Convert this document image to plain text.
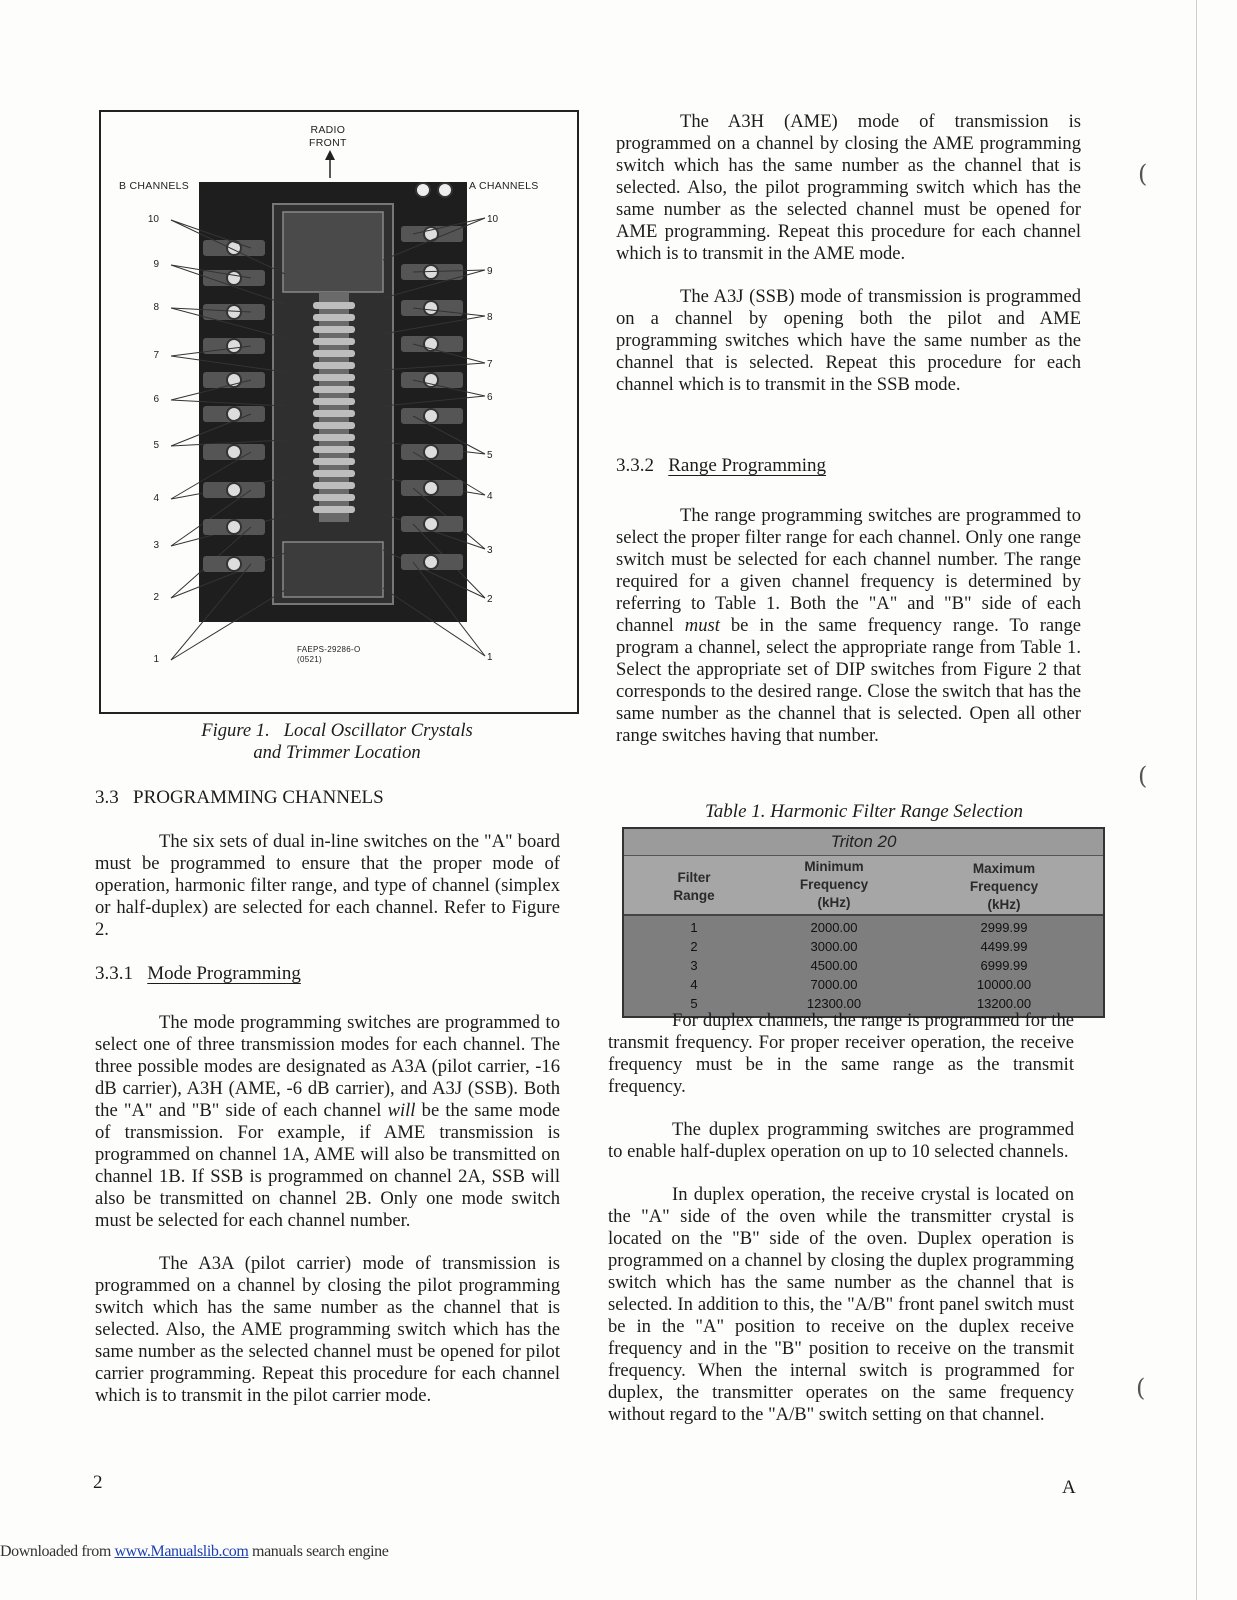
10	10
9
9
8
8
7
7
6	6
5
5
4	4
3	3
2	2
1	1
RADIO
FRONT
B CHANNELS	A CHANNELS
FAEPS-29286-O
(0521)
Figure 1.   Local Oscillator Crystals
and Trimmer Location
3.3   PROGRAMMING CHANNELS

The six sets of dual in-line switches on the "A" board must be programmed to ensure that the proper mode of operation, harmonic filter range, and type of channel (simplex or half-duplex) are selected for each channel. Refer to Figure 2.

3.3.1 Mode Programming

The mode programming switches are programmed to select one of three transmission modes for each channel. The three possible modes are designated as A3A (pilot carrier, -16 dB carrier), A3H (AME, -6 dB carrier), and A3J (SSB). Both the "A" and "B" side of each channel will be the same mode of transmission. For example, if AME transmission is programmed on channel 1A, AME will also be transmitted on channel 1B. If SSB is programmed on channel 2A, SSB will also be transmitted on channel 2B. Only one mode switch must be selected for each channel number.

The A3A (pilot carrier) mode of transmission is programmed on a channel by closing the pilot programming switch which has the same number as the channel that is selected. Also, the AME programming switch which has the same number as the selected channel must be opened for pilot carrier programming. Repeat this procedure for each channel which is to transmit in the pilot carrier mode.

The A3H (AME) mode of transmission is programmed on a channel by closing the AME programming switch which has the same number as the channel that is selected. Also, the pilot programming switch which has the same number as the selected channel must be opened for AME programming. Repeat this procedure for each channel which is to transmit in the AME mode.

The A3J (SSB) mode of transmission is programmed on a channel by opening both the pilot and AME programming switches which have the same number as the channel that is selected. Repeat this procedure for each channel which is to transmit in the SSB mode.

3.3.2 Range Programming

The range programming switches are programmed to select the proper filter range for each channel. Only one range switch must be selected for each channel number. The range required for a given channel frequency is determined by referring to Table 1. Both the "A" and "B" side of each channel must be in the same frequency range. To range program a channel, select the appropriate range from Table 1. Select the appropriate set of DIP switches from Figure 2 that corresponds to the desired range. Close the switch that has the same number as the channel that is selected. Open all other range switches having that number.

Table 1. Harmonic Filter Range Selection
Triton 20
Filter
Range
Minimum
Frequency
(kHz)
Maximum
Frequency
(kHz)
1	2000.00	2999.99
2	3000.00	4499.99
3	4500.00	6999.99
4	7000.00	10000.00
5	12300.00	13200.00

For duplex channels, the range is programmed for the transmit frequency. For proper receiver operation, the receive frequency must be in the same range as the transmit frequency.

The duplex programming switches are programmed to enable half-duplex operation on up to 10 selected channels.

In duplex operation, the receive crystal is located on the "A" side of the oven while the transmitter crystal is located on the "B" side of the oven. Duplex operation is programmed on a channel by closing the duplex programming switch which has the same number as the channel that is selected. In addition to this, the "A/B" front panel switch must be in the "A" position to receive on the duplex receive frequency and in the "B" position to receive on the transmit frequency. When the internal switch is programmed for duplex, the transmitter operates on the same frequency without regard to the "A/B" switch setting on that channel.

2	A
Downloaded from www.Manualslib.com manuals search engine
(
(
(
